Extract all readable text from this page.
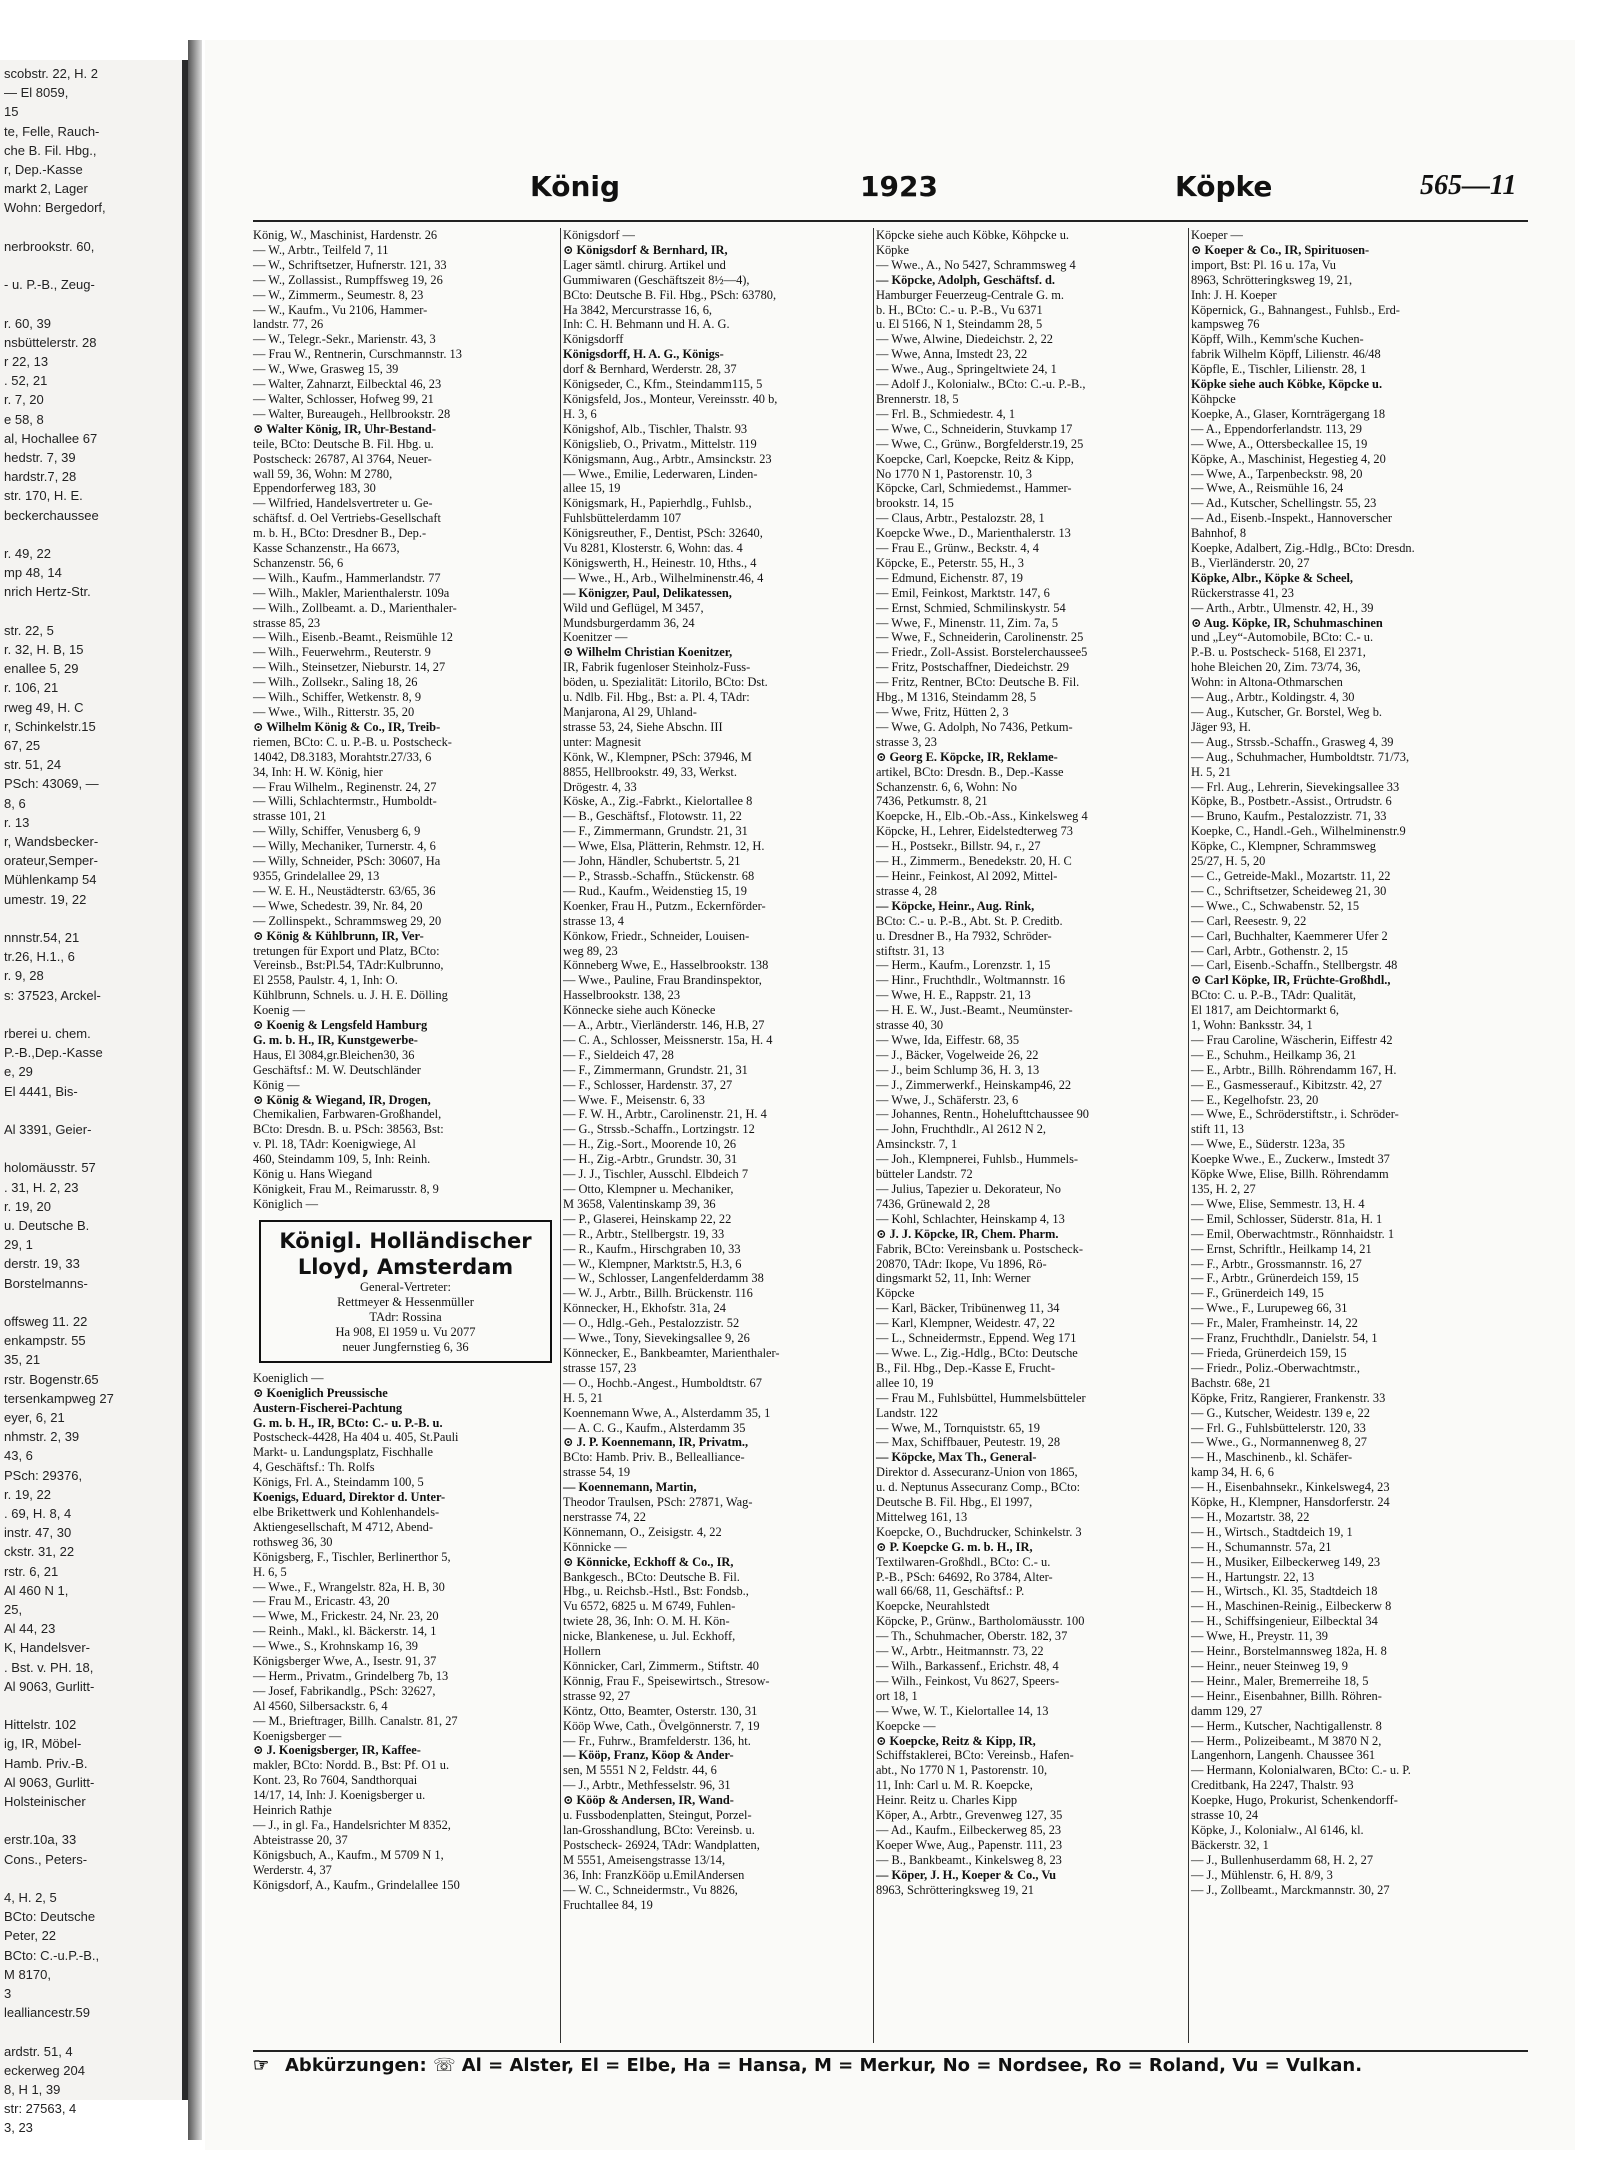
scobstr. 22, H. 2
— El 8059,
15
te, Felle, Rauch-
che B. Fil. Hbg.,
r, Dep.-Kasse
markt 2, Lager
Wohn: Bergedorf,
nerbrookstr. 60,
- u. P.-B., Zeug-
r. 60, 39
nsbüttelerstr. 28
r 22, 13
. 52, 21
r. 7, 20
e 58, 8
al, Hochallee 67
hedstr. 7, 39
hardstr.7, 28
str. 170, H. E.
beckerchaussee
r. 49, 22
mp 48, 14
nrich Hertz-Str.
str. 22, 5
r. 32, H. B, 15
enallee 5, 29
r. 106, 21
rweg 49, H. C
r, Schinkelstr.15
67, 25
str. 51, 24
PSch: 43069, —
8, 6
r. 13
r, Wandsbecker-
orateur,Semper-
Mühlenkamp 54
umestr. 19, 22
nnnstr.54, 21
tr.26, H.1., 6
r. 9, 28
s: 37523, Arckel-
rberei u. chem.
P.-B.,Dep.-Kasse
e, 29
El 4441, Bis-
Al 3391, Geier-
holomäusstr. 57
. 31, H. 2, 23
r. 19, 20
u. Deutsche B.
29, 1
derstr. 19, 33
Borstelmanns-
offsweg 11. 22
enkampstr. 55
35, 21
rstr. Bogenstr.65
tersenkampweg 27
eyer, 6, 21
nhmstr. 2, 39
43, 6
PSch: 29376,
r. 19, 22
. 69, H. 8, 4
instr. 47, 30
ckstr. 31, 22
rstr. 6, 21
Al 460 N 1,
25,
Al 44, 23
K, Handelsver-
. Bst. v. PH. 18,
Al 9063, Gurlitt-
Hittelstr. 102
ig, IR, Möbel-
Hamb. Priv.-B.
Al 9063, Gurlitt-
Holsteinischer
erstr.10a, 33
Cons., Peters-
4, H. 2, 5
BCto: Deutsche
Peter, 22
BCto: C.-u.P.-B.,
M 8170,
3
lealliancestr.59
ardstr. 51, 4
eckerweg 204
8, H 1, 39
str: 27563, 4
3, 23
König	1923	Köpke	565—11

König, W., Maschinist, Hardenstr. 26

— W., Arbtr., Teilfeld 7, 11

— W., Schriftsetzer, Hufnerstr. 121, 33

— W., Zollassist., Rumpffsweg 19, 26

— W., Zimmerm., Seumestr. 8, 23

— W., Kaufm., Vu 2106, Hammer-

landstr. 77, 26

— W., Telegr.-Sekr., Marienstr. 43, 3

— Frau W., Rentnerin, Curschmannstr. 13

— W., Wwe, Grasweg 15, 39

— Walter, Zahnarzt, Eilbecktal 46, 23

— Walter, Schlosser, Hofweg 99, 21

— Walter, Bureaugeh., Hellbrookstr. 28

⊙ Walter König, IR, Uhr-Bestand-

teile, BCto: Deutsche B. Fil. Hbg. u.

Postscheck: 26787, Al 3764, Neuer-

wall 59, 36, Wohn: M 2780,

Eppendorferweg 183, 30

— Wilfried, Handelsvertreter u. Ge-

schäftsf. d. Oel Vertriebs-Gesellschaft

m. b. H., BCto: Dresdner B., Dep.-

Kasse Schanzenstr., Ha 6673,

Schanzenstr. 56, 6

— Wilh., Kaufm., Hammerlandstr. 77

— Wilh., Makler, Marienthalerstr. 109a

— Wilh., Zollbeamt. a. D., Marienthaler-

strasse 85, 23

— Wilh., Eisenb.-Beamt., Reismühle 12

— Wilh., Feuerwehrm., Reuterstr. 9

— Wilh., Steinsetzer, Nieburstr. 14, 27

— Wilh., Zollsekr., Saling 18, 26

— Wilh., Schiffer, Wetkenstr. 8, 9

— Wwe., Wilh., Ritterstr. 35, 20

⊙ Wilhelm König & Co., IR, Treib-

riemen, BCto: C. u. P.-B. u. Postscheck-

14042, D8.3183, Morahtstr.27/33, 6

34, Inh: H. W. König, hier

— Frau Wilhelm., Reginenstr. 24, 27

— Willi, Schlachtermstr., Humboldt-

strasse 101, 21

— Willy, Schiffer, Venusberg 6, 9

— Willy, Mechaniker, Turnerstr. 4, 6

— Willy, Schneider, PSch: 30607, Ha

9355, Grindelallee 29, 13

— W. E. H., Neustädterstr. 63/65, 36

— Wwe, Schedestr. 39, Nr. 84, 20

— Zollinspekt., Schrammsweg 29, 20

⊙ König & Kühlbrunn, IR, Ver-

tretungen für Export und Platz, BCto:

Vereinsb., Bst:Pl.54, TAdr:Kulbrunno,

El 2558, Paulstr. 4, 1, Inh: O.

Kühlbrunn, Schnels. u. J. H. E. Dölling

Koenig —

⊙ Koenig & Lengsfeld Hamburg

G. m. b. H., IR, Kunstgewerbe-

Haus, El 3084,gr.Bleichen30, 36

Geschäftsf.: M. W. Deutschländer

König —

⊙ König & Wiegand, IR, Drogen,

Chemikalien, Farbwaren-Großhandel,

BCto: Dresdn. B. u. PSch: 38563, Bst:

v. Pl. 18, TAdr: Koenigwiege, Al

460, Steindamm 109, 5, Inh: Reinh.

König u. Hans Wiegand

Königkeit, Frau M., Reimarusstr. 8, 9

Königlich —

Königl. Holländischer
Lloyd, Amsterdam
General-Vertreter:
Rettmeyer & Hessenmüller
TAdr: Rossina
Ha 908, El 1959 u. Vu 2077
neuer Jungfernstieg 6, 36

Koeniglich —

⊙ Koeniglich Preussische

Austern-Fischerei-Pachtung

G. m. b. H., IR, BCto: C.- u. P.-B. u.

Postscheck-4428, Ha 404 u. 405, St.Pauli

Markt- u. Landungsplatz, Fischhalle

4, Geschäftsf.: Th. Rolfs

Königs, Frl. A., Steindamm 100, 5

Koenigs, Eduard, Direktor d. Unter-

elbe Brikettwerk und Kohlenhandels-

Aktiengesellschaft, M 4712, Abend-

rothsweg 36, 30

Königsberg, F., Tischler, Berlinerthor 5,

H. 6, 5

— Wwe., F., Wrangelstr. 82a, H. B, 30

— Frau M., Ericastr. 43, 20

— Wwe, M., Frickestr. 24, Nr. 23, 20

— Reinh., Makl., kl. Bäckerstr. 14, 1

— Wwe., S., Krohnskamp 16, 39

Königsberger Wwe, A., Isestr. 91, 37

— Herm., Privatm., Grindelberg 7b, 13

— Josef, Fabrikandlg., PSch: 32627,

Al 4560, Silbersackstr. 6, 4

— M., Brieftrager, Billh. Canalstr. 81, 27

Koenigsberger —

⊙ J. Koenigsberger, IR, Kaffee-

makler, BCto: Nordd. B., Bst: Pf. O1 u.

Kont. 23, Ro 7604, Sandthorquai

14/17, 14, Inh: J. Koenigsberger u.

Heinrich Rathje

— J., in gl. Fa., Handelsrichter M 8352,

Abteistrasse 20, 37

Königsbuch, A., Kaufm., M 5709 N 1,

Werderstr. 4, 37

Königsdorf, A., Kaufm., Grindelallee 150

Königsdorf —

⊙ Königsdorf & Bernhard, IR,

Lager sämtl. chirurg. Artikel und

Gummiwaren (Geschäftszeit 8½—4),

BCto: Deutsche B. Fil. Hbg., PSch: 63780,

Ha 3842, Mercurstrasse 16, 6,

Inh: C. H. Behmann und H. A. G.

Königsdorff

Königsdorff, H. A. G., Königs-

dorf & Bernhard, Werderstr. 28, 37

Königseder, C., Kfm., Steindamm115, 5

Königsfeld, Jos., Monteur, Vereinsstr. 40 b,

H. 3, 6

Königshof, Alb., Tischler, Thalstr. 93

Königslieb, O., Privatm., Mittelstr. 119

Königsmann, Aug., Arbtr., Amsinckstr. 23

— Wwe., Emilie, Lederwaren, Linden-

allee 15, 19

Königsmark, H., Papierhdlg., Fuhlsb.,

Fuhlsbüttelerdamm 107

Königsreuther, F., Dentist, PSch: 32640,

Vu 8281, Klosterstr. 6, Wohn: das. 4

Königswerth, H., Heinestr. 10, Hths., 4

— Wwe., H., Arb., Wilhelminenstr.46, 4

— Königzer, Paul, Delikatessen,

Wild und Geflügel, M 3457,

Mundsburgerdamm 36, 24

Koenitzer —

⊙ Wilhelm Christian Koenitzer,

IR, Fabrik fugenloser Steinholz-Fuss-

böden, u. Spezialität: Litorilo, BCto: Dst.

u. Ndlb. Fil. Hbg., Bst: a. Pl. 4, TAdr:

Manjarona, Al 29, Uhland-

strasse 53, 24, Siehe Abschn. III

unter: Magnesit

Könk, W., Klempner, PSch: 37946, M

8855, Hellbrookstr. 49, 33, Werkst.

Drögestr. 4, 33

Köske, A., Zig.-Fabrkt., Kielortallee 8

— B., Geschäftsf., Flotowstr. 11, 22

— F., Zimmermann, Grundstr. 21, 31

— Wwe, Elsa, Plätterin, Rehmstr. 12, H.

— John, Händler, Schubertstr. 5, 21

— P., Strassb.-Schaffn., Stückenstr. 68

— Rud., Kaufm., Weidenstieg 15, 19

Koenker, Frau H., Putzm., Eckernförder-

strasse 13, 4

Könkow, Friedr., Schneider, Louisen-

weg 89, 23

Könneberg Wwe, E., Hasselbrookstr. 138

— Wwe., Pauline, Frau Brandinspektor,

Hasselbrookstr. 138, 23

Könnecke siehe auch Könecke

— A., Arbtr., Vierländerstr. 146, H.B, 27

— C. A., Schlosser, Meissnerstr. 15a, H. 4

— F., Sieldeich 47, 28

— F., Zimmermann, Grundstr. 21, 31

— F., Schlosser, Hardenstr. 37, 27

— Wwe. F., Meisenstr. 6, 33

— F. W. H., Arbtr., Carolinenstr. 21, H. 4

— G., Strssb.-Schaffn., Lortzingstr. 12

— H., Zig.-Sort., Moorende 10, 26

— H., Zig.-Arbtr., Grundstr. 30, 31

— J. J., Tischler, Ausschl. Elbdeich 7

— Otto, Klempner u. Mechaniker,

M 3658, Valentinskamp 39, 36

— P., Glaserei, Heinskamp 22, 22

— R., Arbtr., Stellbergstr. 19, 33

— R., Kaufm., Hirschgraben 10, 33

— W., Klempner, Marktstr.5, H.3, 6

— W., Schlosser, Langenfelderdamm 38

— W. J., Arbtr., Billh. Brückenstr. 116

Könnecker, H., Ekhofstr. 31a, 24

— O., Hdlg.-Geh., Pestalozzistr. 52

— Wwe., Tony, Sievekingsallee 9, 26

Könnecker, E., Bankbeamter, Marienthaler-

strasse 157, 23

— O., Hochb.-Angest., Humboldtstr. 67

H. 5, 21

Koennemann Wwe, A., Alsterdamm 35, 1

— A. C. G., Kaufm., Alsterdamm 35

⊙ J. P. Koennemann, IR, Privatm.,

BCto: Hamb. Priv. B., Bellealliance-

strasse 54, 19

— Koennemann, Martin,

Theodor Traulsen, PSch: 27871, Wag-

nerstrasse 74, 22

Könnemann, O., Zeisigstr. 4, 22

Könnicke —

⊙ Könnicke, Eckhoff & Co., IR,

Bankgesch., BCto: Deutsche B. Fil.

Hbg., u. Reichsb.-Hstl., Bst: Fondsb.,

Vu 6572, 6825 u. M 6749, Fuhlen-

twiete 28, 36, Inh: O. M. H. Kön-

nicke, Blankenese, u. Jul. Eckhoff,

Hollern

Könnicker, Carl, Zimmerm., Stiftstr. 40

Könnig, Frau F., Speisewirtsch., Stresow-

strasse 92, 27

Köntz, Otto, Beamter, Osterstr. 130, 31

Kööp Wwe, Cath., Övelgönnerstr. 7, 19

— Fr., Fuhrw., Bramfelderstr. 136, ht.

— Kööp, Franz, Köop & Ander-

sen, M 5551 N 2, Feldstr. 44, 6

— J., Arbtr., Methfesselstr. 96, 31

⊙ Kööp & Andersen, IR, Wand-

u. Fussbodenplatten, Steingut, Porzel-

lan-Grosshandlung, BCto: Vereinsb. u.

Postscheck- 26924, TAdr: Wandplatten,

M 5551, Ameisengstrasse 13/14,

36, Inh: FranzKööp u.EmilAndersen

— W. C., Schneidermstr., Vu 8826,

Fruchtallee 84, 19

Köpcke siehe auch Köbke, Köhpcke u.

Köpke

— Wwe., A., No 5427, Schrammsweg 4

— Köpcke, Adolph, Geschäftsf. d.

Hamburger Feuerzeug-Centrale G. m.

b. H., BCto: C.- u. P.-B., Vu 6371

u. El 5166, N 1, Steindamm 28, 5

— Wwe, Alwine, Diedeichstr. 2, 22

— Wwe, Anna, Imstedt 23, 22

— Wwe., Aug., Springeltwiete 24, 1

— Adolf J., Kolonialw., BCto: C.-u. P.-B.,

Brennerstr. 18, 5

— Frl. B., Schmiedestr. 4, 1

— Wwe, C., Schneiderin, Stuvkamp 17

— Wwe, C., Grünw., Borgfelderstr.19, 25

Koepcke, Carl, Koepcke, Reitz & Kipp,

No 1770 N 1, Pastorenstr. 10, 3

Köpcke, Carl, Schmiedemst., Hammer-

brookstr. 14, 15

— Claus, Arbtr., Pestalozstr. 28, 1

Koepcke Wwe., D., Marienthalerstr. 13

— Frau E., Grünw., Beckstr. 4, 4

Köpcke, E., Peterstr. 55, H., 3

— Edmund, Eichenstr. 87, 19

— Emil, Feinkost, Marktstr. 147, 6

— Ernst, Schmied, Schmilinskystr. 54

— Wwe, F., Minenstr. 11, Zim. 7a, 5

— Wwe, F., Schneiderin, Carolinenstr. 25

— Friedr., Zoll-Assist. Borstelerchaussee5

— Fritz, Postschaffner, Diedeichstr. 29

— Fritz, Rentner, BCto: Deutsche B. Fil.

Hbg., M 1316, Steindamm 28, 5

— Wwe, Fritz, Hütten 2, 3

— Wwe, G. Adolph, No 7436, Petkum-

strasse 3, 23

⊙ Georg E. Köpcke, IR, Reklame-

artikel, BCto: Dresdn. B., Dep.-Kasse

Schanzenstr. 6, 6, Wohn: No

7436, Petkumstr. 8, 21

Koepcke, H., Elb.-Ob.-Ass., Kinkelsweg 4

Köpcke, H., Lehrer, Eidelstedterweg 73

— H., Postsekr., Billstr. 94, r., 27

— H., Zimmerm., Benedekstr. 20, H. C

— Heinr., Feinkost, Al 2092, Mittel-

strasse 4, 28

— Köpcke, Heinr., Aug. Rink,

BCto: C.- u. P.-B., Abt. St. P. Creditb.

u. Dresdner B., Ha 7932, Schröder-

stiftstr. 31, 13

— Herm., Kaufm., Lorenzstr. 1, 15

— Hinr., Fruchthdlr., Woltmannstr. 16

— Wwe, H. E., Rappstr. 21, 13

— H. E. W., Just.-Beamt., Neumünster-

strasse 40, 30

— Wwe, Ida, Eiffestr. 68, 35

— J., Bäcker, Vogelweide 26, 22

— J., beim Schlump 36, H. 3, 13

— J., Zimmerwerkf., Heinskamp46, 22

— Wwe, J., Schäferstr. 23, 6

— Johannes, Rentn., Hohelufttchaussee 90

— John, Fruchthdlr., Al 2612 N 2,

Amsinckstr. 7, 1

— Joh., Klempnerei, Fuhlsb., Hummels-

bütteler Landstr. 72

— Julius, Tapezier u. Dekorateur, No

7436, Grünewald 2, 28

— Kohl, Schlachter, Heinskamp 4, 13

⊙ J. J. Köpcke, IR, Chem. Pharm.

Fabrik, BCto: Vereinsbank u. Postscheck-

20870, TAdr: Ikope, Vu 1896, Rö-

dingsmarkt 52, 11, Inh: Werner

Köpcke

— Karl, Bäcker, Tribünenweg 11, 34

— Karl, Klempner, Weidestr. 47, 22

— L., Schneidermstr., Eppend. Weg 171

— Wwe. L., Zig.-Hdlg., BCto: Deutsche

B., Fil. Hbg., Dep.-Kasse E, Frucht-

allee 10, 19

— Frau M., Fuhlsbüttel, Hummelsbütteler

Landstr. 122

— Wwe, M., Tornquiststr. 65, 19

— Max, Schiffbauer, Peutestr. 19, 28

— Köpcke, Max Th., General-

Direktor d. Assecuranz-Union von 1865,

u. d. Neptunus Assecuranz Comp., BCto:

Deutsche B. Fil. Hbg., El 1997,

Mittelweg 161, 13

Koepcke, O., Buchdrucker, Schinkelstr. 3

⊙ P. Koepcke G. m. b. H., IR,

Textilwaren-Großhdl., BCto: C.- u.

P.-B., PSch: 64692, Ro 3784, Alter-

wall 66/68, 11, Geschäftsf.: P.

Koepcke, Neurahlstedt

Köpcke, P., Grünw., Bartholomäusstr. 100

— Th., Schuhmacher, Oberstr. 182, 37

— W., Arbtr., Heitmannstr. 73, 22

— Wilh., Barkassenf., Erichstr. 48, 4

— Wilh., Feinkost, Vu 8627, Speers-

ort 18, 1

— Wwe, W. T., Kielortallee 14, 13

Koepcke —

⊙ Koepcke, Reitz & Kipp, IR,

Schiffstaklerei, BCto: Vereinsb., Hafen-

abt., No 1770 N 1, Pastorenstr. 10,

11, Inh: Carl u. M. R. Koepcke,

Heinr. Reitz u. Charles Kipp

Köper, A., Arbtr., Grevenweg 127, 35

— Ad., Kaufm., Eilbeckerweg 85, 23

Koeper Wwe, Aug., Papenstr. 111, 23

— B., Bankbeamt., Kinkelsweg 8, 23

— Köper, J. H., Koeper & Co., Vu

8963, Schrötteringksweg 19, 21

Koeper —

⊙ Koeper & Co., IR, Spirituosen-

import, Bst: Pl. 16 u. 17a, Vu

8963, Schrötteringksweg 19, 21,

Inh: J. H. Koeper

Köpernick, G., Bahnangest., Fuhlsb., Erd-

kampsweg 76

Köpff, Wilh., Kemm'sche Kuchen-

fabrik Wilhelm Köpff, Lilienstr. 46/48

Köpfle, E., Tischler, Lilienstr. 28, 1

Köpke siehe auch Köbke, Köpcke u.

Köhpcke

Koepke, A., Glaser, Kornträgergang 18

— A., Eppendorferlandstr. 113, 29

— Wwe, A., Ottersbeckallee 15, 19

Köpke, A., Maschinist, Hegestieg 4, 20

— Wwe, A., Tarpenbeckstr. 98, 20

— Wwe, A., Reismühle 16, 24

— Ad., Kutscher, Schellingstr. 55, 23

— Ad., Eisenb.-Inspekt., Hannoverscher

Bahnhof, 8

Koepke, Adalbert, Zig.-Hdlg., BCto: Dresdn.

B., Vierländerstr. 20, 27

Köpke, Albr., Köpke & Scheel,

Rückerstrasse 41, 23

— Arth., Arbtr., Ulmenstr. 42, H., 39

⊙ Aug. Köpke, IR, Schuhmaschinen

und „Ley“-Automobile, BCto: C.- u.

P.-B. u. Postscheck- 5168, El 2371,

hohe Bleichen 20, Zim. 73/74, 36,

Wohn: in Altona-Othmarschen

— Aug., Arbtr., Koldingstr. 4, 30

— Aug., Kutscher, Gr. Borstel, Weg b.

Jäger 93, H.

— Aug., Strssb.-Schaffn., Grasweg 4, 39

— Aug., Schuhmacher, Humboldtstr. 71/73,

H. 5, 21

— Frl. Aug., Lehrerin, Sievekingsallee 33

Köpke, B., Postbetr.-Assist., Ortrudstr. 6

— Bruno, Kaufm., Pestalozzistr. 71, 33

Koepke, C., Handl.-Geh., Wilhelminenstr.9

Köpke, C., Klempner, Schrammsweg

25/27, H. 5, 20

— C., Getreide-Makl., Mozartstr. 11, 22

— C., Schriftsetzer, Scheideweg 21, 30

— Wwe., C., Schwabenstr. 52, 15

— Carl, Reesestr. 9, 22

— Carl, Buchhalter, Kaemmerer Ufer 2

— Carl, Arbtr., Gothenstr. 2, 15

— Carl, Eisenb.-Schaffn., Stellbergstr. 48

⊙ Carl Köpke, IR, Früchte-Großhdl.,

BCto: C. u. P.-B., TAdr: Qualität,

El 1817, am Deichtormarkt 6,

1, Wohn: Banksstr. 34, 1

— Frau Caroline, Wäscherin, Eiffestr 42

— E., Schuhm., Heilkamp 36, 21

— E., Arbtr., Billh. Röhrendamm 167, H.

— E., Gasmesserauf., Kibitzstr. 42, 27

— E., Kegelhofstr. 23, 20

— Wwe, E., Schröderstiftstr., i. Schröder-

stift 11, 13

— Wwe, E., Süderstr. 123a, 35

Koepke Wwe., E., Zuckerw., Imstedt 37

Köpke Wwe, Elise, Billh. Röhrendamm

135, H. 2, 27

— Wwe, Elise, Semmestr. 13, H. 4

— Emil, Schlosser, Süderstr. 81a, H. 1

— Emil, Oberwachtmstr., Rönnhaidstr. 1

— Ernst, Schriftlr., Heilkamp 14, 21

— F., Arbtr., Grossmannstr. 16, 27

— F., Arbtr., Grünerdeich 159, 15

— F., Grünerdeich 149, 15

— Wwe., F., Lurupeweg 66, 31

— Fr., Maler, Framheinstr. 14, 22

— Franz, Fruchthdlr., Danielstr. 54, 1

— Frieda, Grünerdeich 159, 15

— Friedr., Poliz.-Oberwachtmstr.,

Bachstr. 68e, 21

Köpke, Fritz, Rangierer, Frankenstr. 33

— G., Kutscher, Weidestr. 139 e, 22

— Frl. G., Fuhlsbüttelerstr. 120, 33

— Wwe., G., Normannenweg 8, 27

— H., Maschinenb., kl. Schäfer-

kamp 34, H. 6, 6

— H., Eisenbahnsekr., Kinkelsweg4, 23

Köpke, H., Klempner, Hansdorferstr. 24

— H., Mozartstr. 38, 22

— H., Wirtsch., Stadtdeich 19, 1

— H., Schumannstr. 57a, 21

— H., Musiker, Eilbeckerweg 149, 23

— H., Hartungstr. 22, 13

— H., Wirtsch., Kl. 35, Stadtdeich 18

— H., Maschinen-Reinig., Eilbeckerw 8

— H., Schiffsingenieur, Eilbecktal 34

— Wwe, H., Preystr. 11, 39

— Heinr., Borstelmannsweg 182a, H. 8

— Heinr., neuer Steinweg 19, 9

— Heinr., Maler, Bremerreihe 18, 5

— Heinr., Eisenbahner, Billh. Röhren-

damm 129, 27

— Herm., Kutscher, Nachtigallenstr. 8

— Herm., Polizeibeamt., M 3870 N 2,

Langenhorn, Langenh. Chaussee 361

— Hermann, Kolonialwaren, BCto: C.- u. P.

Creditbank, Ha 2247, Thalstr. 93

Koepke, Hugo, Prokurist, Schenkendorff-

strasse 10, 24

Köpke, J., Kolonialw., Al 6146, kl.

Bäckerstr. 32, 1

— J., Bullenhuserdamm 68, H. 2, 27

— J., Mühlenstr. 6, H. 8/9, 3

— J., Zollbeamt., Marckmannstr. 30, 27

☞ Abkürzungen: ☏ Al = Alster, El = Elbe, Ha = Hansa, M = Merkur, No = Nordsee, Ro = Roland, Vu = Vulkan.
